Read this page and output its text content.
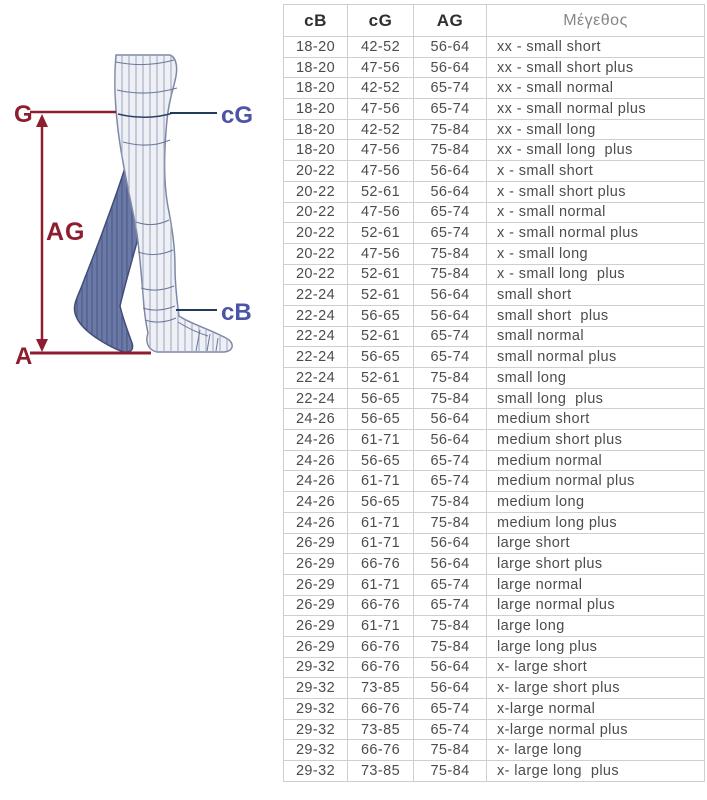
G
AG
A
cG
cB
cB	cG	AG	Μέγεθος
18-20	42-52	56-64	xx - small short
18-20	47-56	56-64	xx - small short plus
18-20	42-52	65-74	xx - small normal
18-20	47-56	65-74	xx - small normal plus
18-20	42-52	75-84	xx - small long
18-20	47-56	75-84	xx - small long  plus
20-22	47-56	56-64	x - small short
20-22	52-61	56-64	x - small short plus
20-22	47-56	65-74	x - small normal
20-22	52-61	65-74	x - small normal plus
20-22	47-56	75-84	x - small long
20-22	52-61	75-84	x - small long  plus
22-24	52-61	56-64	small short
22-24	56-65	56-64	small short  plus
22-24	52-61	65-74	small normal
22-24	56-65	65-74	small normal plus
22-24	52-61	75-84	small long
22-24	56-65	75-84	small long  plus
24-26	56-65	56-64	medium short
24-26	61-71	56-64	medium short plus
24-26	56-65	65-74	medium normal
24-26	61-71	65-74	medium normal plus
24-26	56-65	75-84	medium long
24-26	61-71	75-84	medium long plus
26-29	61-71	56-64	large short
26-29	66-76	56-64	large short plus
26-29	61-71	65-74	large normal
26-29	66-76	65-74	large normal plus
26-29	61-71	75-84	large long
26-29	66-76	75-84	large long plus
29-32	66-76	56-64	x- large short
29-32	73-85	56-64	x- large short plus
29-32	66-76	65-74	x-large normal
29-32	73-85	65-74	x-large normal plus
29-32	66-76	75-84	x- large long
29-32	73-85	75-84	x- large long  plus
